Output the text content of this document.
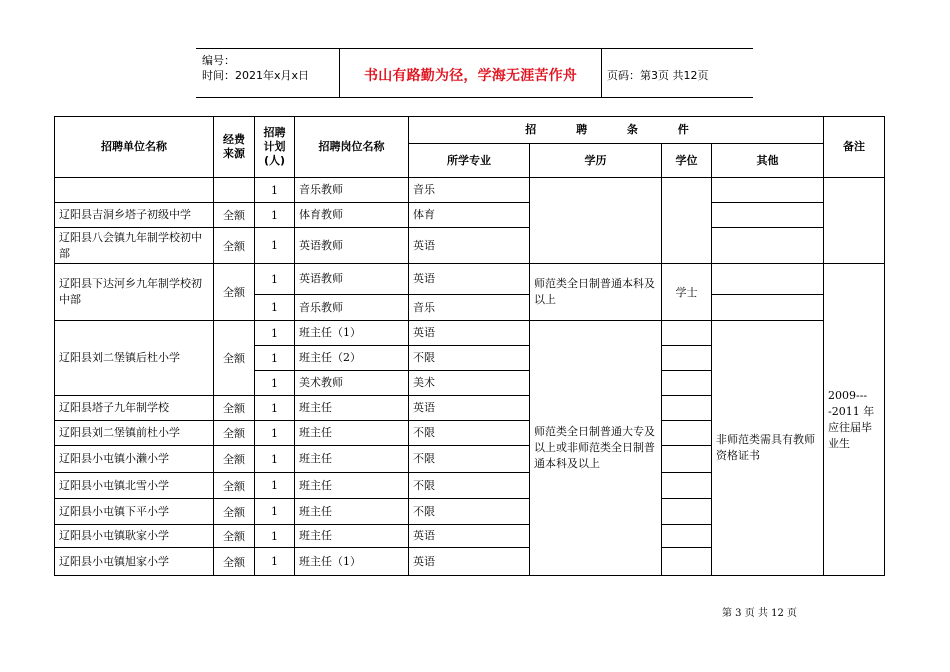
编号：
时间：2021年x月x日	书山有路勤为径，学海无涯苦作舟	页码：第3页 共12页
招聘单位名称	经费来源	招聘计划(人)	招聘岗位名称	招 聘 条 件				备注
				所学专业	学历	学位	其他	
		1	音乐教师	音乐				
辽阳县吉洞乡塔子初级中学	全额	1	体育教师	体育				
辽阳县八会镇九年制学校初中部	全额	1	英语教师	英语				
辽阳县下达河乡九年制学校初中部	全额	1	英语教师	英语	师范类全日制普通本科及以上	学士		2009----2011 年应往届毕业生
		1	音乐教师	音乐				
辽阳县刘二堡镇后杜小学	全额	1	班主任（1）	英语	师范类全日制普通大专及以上或非师范类全日制普通本科及以上		非师范类需具有教师资格证书	
		1	班主任（2）	不限				
		1	美术教师	美术				
辽阳县塔子九年制学校	全额	1	班主任	英语				
辽阳县刘二堡镇前杜小学	全额	1	班主任	不限				
辽阳县小屯镇小濑小学	全额	1	班主任	不限				
辽阳县小屯镇北雪小学	全额	1	班主任	不限				
辽阳县小屯镇下平小学	全额	1	班主任	不限				
辽阳县小屯镇耿家小学	全额	1	班主任	英语				
辽阳县小屯镇旭家小学	全额	1	班主任（1）	英语				
第 3 页 共 12 页
